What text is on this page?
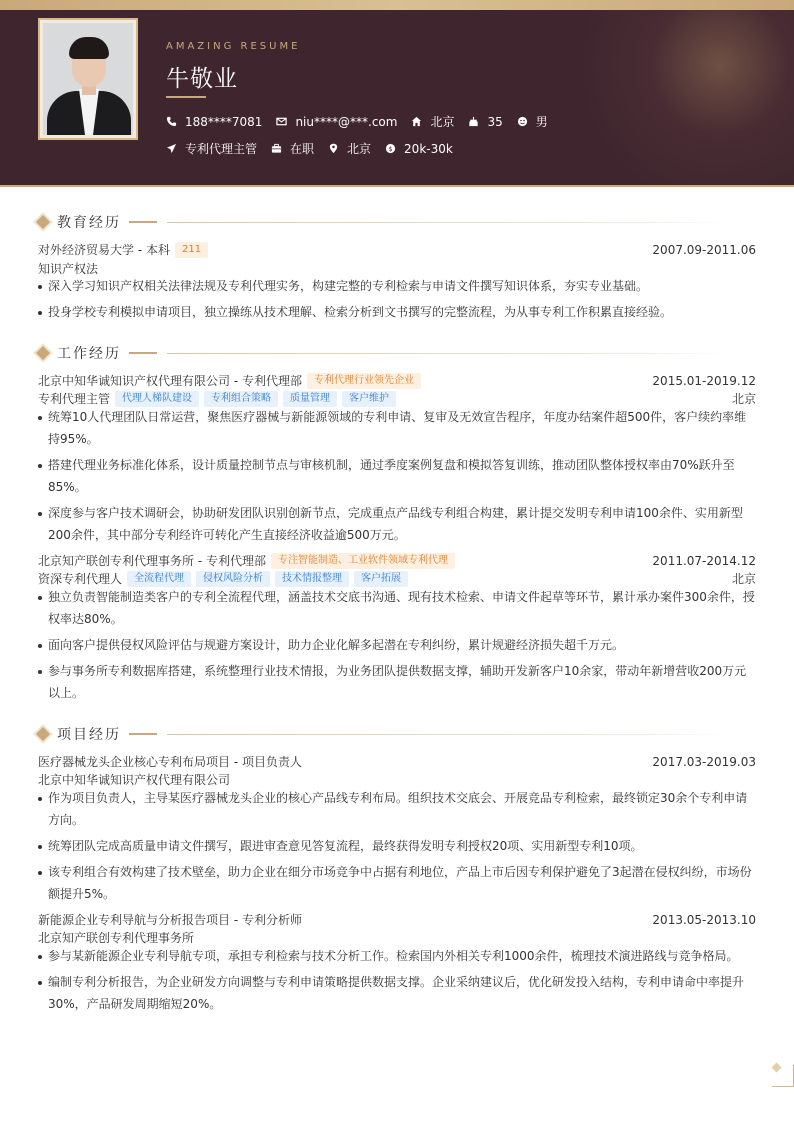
AMAZING RESUME
牛敬业
188****7081	niu****@***.com	北京	35	男
专利代理主管	在职	北京 $ 20k-30k
教育经历
对外经济贸易大学 - 本科	211	2007.09-2011.06
知识产权法
深入学习知识产权相关法律法规及专利代理实务，构建完整的专利检索与申请文件撰写知识体系，夯实专业基础。
投身学校专利模拟申请项目，独立操练从技术理解、检索分析到文书撰写的完整流程，为从事专利工作积累直接经验。
工作经历
北京中知华诚知识产权代理有限公司 - 专利代理部	专利代理行业领先企业	2015.01-2019.12
专利代理主管	代理人梯队建设	专利组合策略	质量管理	客户维护	北京
统筹10人代理团队日常运营，聚焦医疗器械与新能源领域的专利申请、复审及无效宣告程序，年度办结案件超500件，客户续约率维持95%。
搭建代理业务标准化体系，设计质量控制节点与审核机制，通过季度案例复盘和模拟答复训练，推动团队整体授权率由70%跃升至85%。
深度参与客户技术调研会，协助研发团队识别创新节点，完成重点产品线专利组合构建，累计提交发明专利申请100余件、实用新型200余件，其中部分专利经许可转化产生直接经济收益逾500万元。
北京知产联创专利代理事务所 - 专利代理部	专注智能制造、工业软件领域专利代理	2011.07-2014.12
资深专利代理人	全流程代理	侵权风险分析	技术情报整理	客户拓展	北京
独立负责智能制造类客户的专利全流程代理，涵盖技术交底书沟通、现有技术检索、申请文件起草等环节，累计承办案件300余件，授权率达80%。
面向客户提供侵权风险评估与规避方案设计，助力企业化解多起潜在专利纠纷，累计规避经济损失超千万元。
参与事务所专利数据库搭建，系统整理行业技术情报，为业务团队提供数据支撑，辅助开发新客户10余家，带动年新增营收200万元以上。
项目经历
医疗器械龙头企业核心专利布局项目 - 项目负责人	2017.03-2019.03
北京中知华诚知识产权代理有限公司
作为项目负责人，主导某医疗器械龙头企业的核心产品线专利布局。组织技术交底会、开展竞品专利检索，最终锁定30余个专利申请方向。
统筹团队完成高质量申请文件撰写，跟进审查意见答复流程，最终获得发明专利授权20项、实用新型专利10项。
该专利组合有效构建了技术壁垒，助力企业在细分市场竞争中占据有利地位，产品上市后因专利保护避免了3起潜在侵权纠纷，市场份额提升5%。
新能源企业专利导航与分析报告项目 - 专利分析师	2013.05-2013.10
北京知产联创专利代理事务所
参与某新能源企业专利导航专项，承担专利检索与技术分析工作。检索国内外相关专利1000余件，梳理技术演进路线与竞争格局。
编制专利分析报告，为企业研发方向调整与专利申请策略提供数据支撑。企业采纳建议后，优化研发投入结构，专利申请命中率提升30%，产品研发周期缩短20%。
